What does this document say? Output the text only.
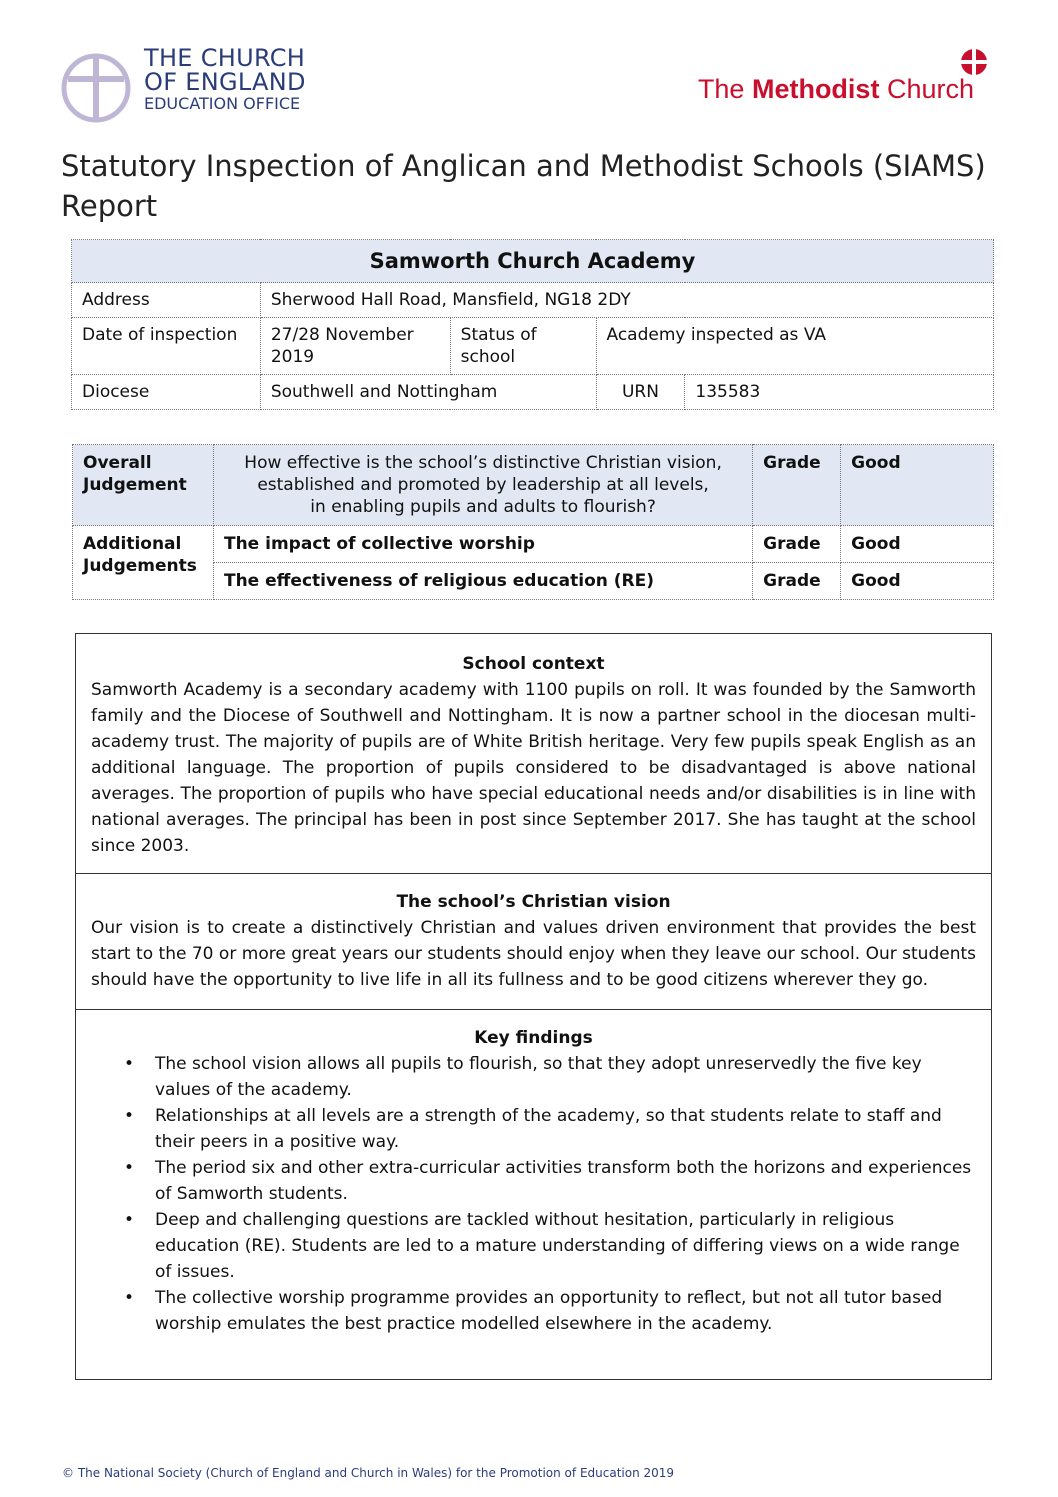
THE CHURCH
OF ENGLAND
EDUCATION OFFICE	The Methodist Church
Statutory Inspection of Anglican and Methodist Schools (SIAMS) Report
Samworth Church Academy				
Address	Sherwood Hall Road, Mansfield, NG18 2DY			
Date of inspection	27/28 November 2019	Status of school	Academy inspected as VA	
Diocese	Southwell and Nottingham		URN	135583
Overall Judgement	How effective is the school’s distinctive Christian vision,
established and promoted by leadership at all levels,
in enabling pupils and adults to flourish?	Grade	Good
Additional Judgements	The impact of collective worship	Grade	Good
	The effectiveness of religious education (RE)	Grade	Good
School context

Samworth Academy is a secondary academy with 1100 pupils on roll. It was founded by the Samworth family and the Diocese of Southwell and Nottingham. It is now a partner school in the diocesan multi-academy trust. The majority of pupils are of White British heritage. Very few pupils speak English as an additional language. The proportion of pupils considered to be disadvantaged is above national averages. The proportion of pupils who have special educational needs and/or disabilities is in line with national averages. The principal has been in post since September 2017. She has taught at the school since 2003.

The school’s Christian vision

Our vision is to create a distinctively Christian and values driven environment that provides the best start to the 70 or more great years our students should enjoy when they leave our school. Our students should have the opportunity to live life in all its fullness and to be good citizens wherever they go.

Key findings
• The school vision allows all pupils to flourish, so that they adopt unreservedly the five key values of the academy.
• Relationships at all levels are a strength of the academy, so that students relate to staff and their peers in a positive way.
• The period six and other extra-curricular activities transform both the horizons and experiences of Samworth students.
• Deep and challenging questions are tackled without hesitation, particularly in religious education (RE). Students are led to a mature understanding of differing views on a wide range of issues.
• The collective worship programme provides an opportunity to reflect, but not all tutor based worship emulates the best practice modelled elsewhere in the academy.
© The National Society (Church of England and Church in Wales) for the Promotion of Education 2019
